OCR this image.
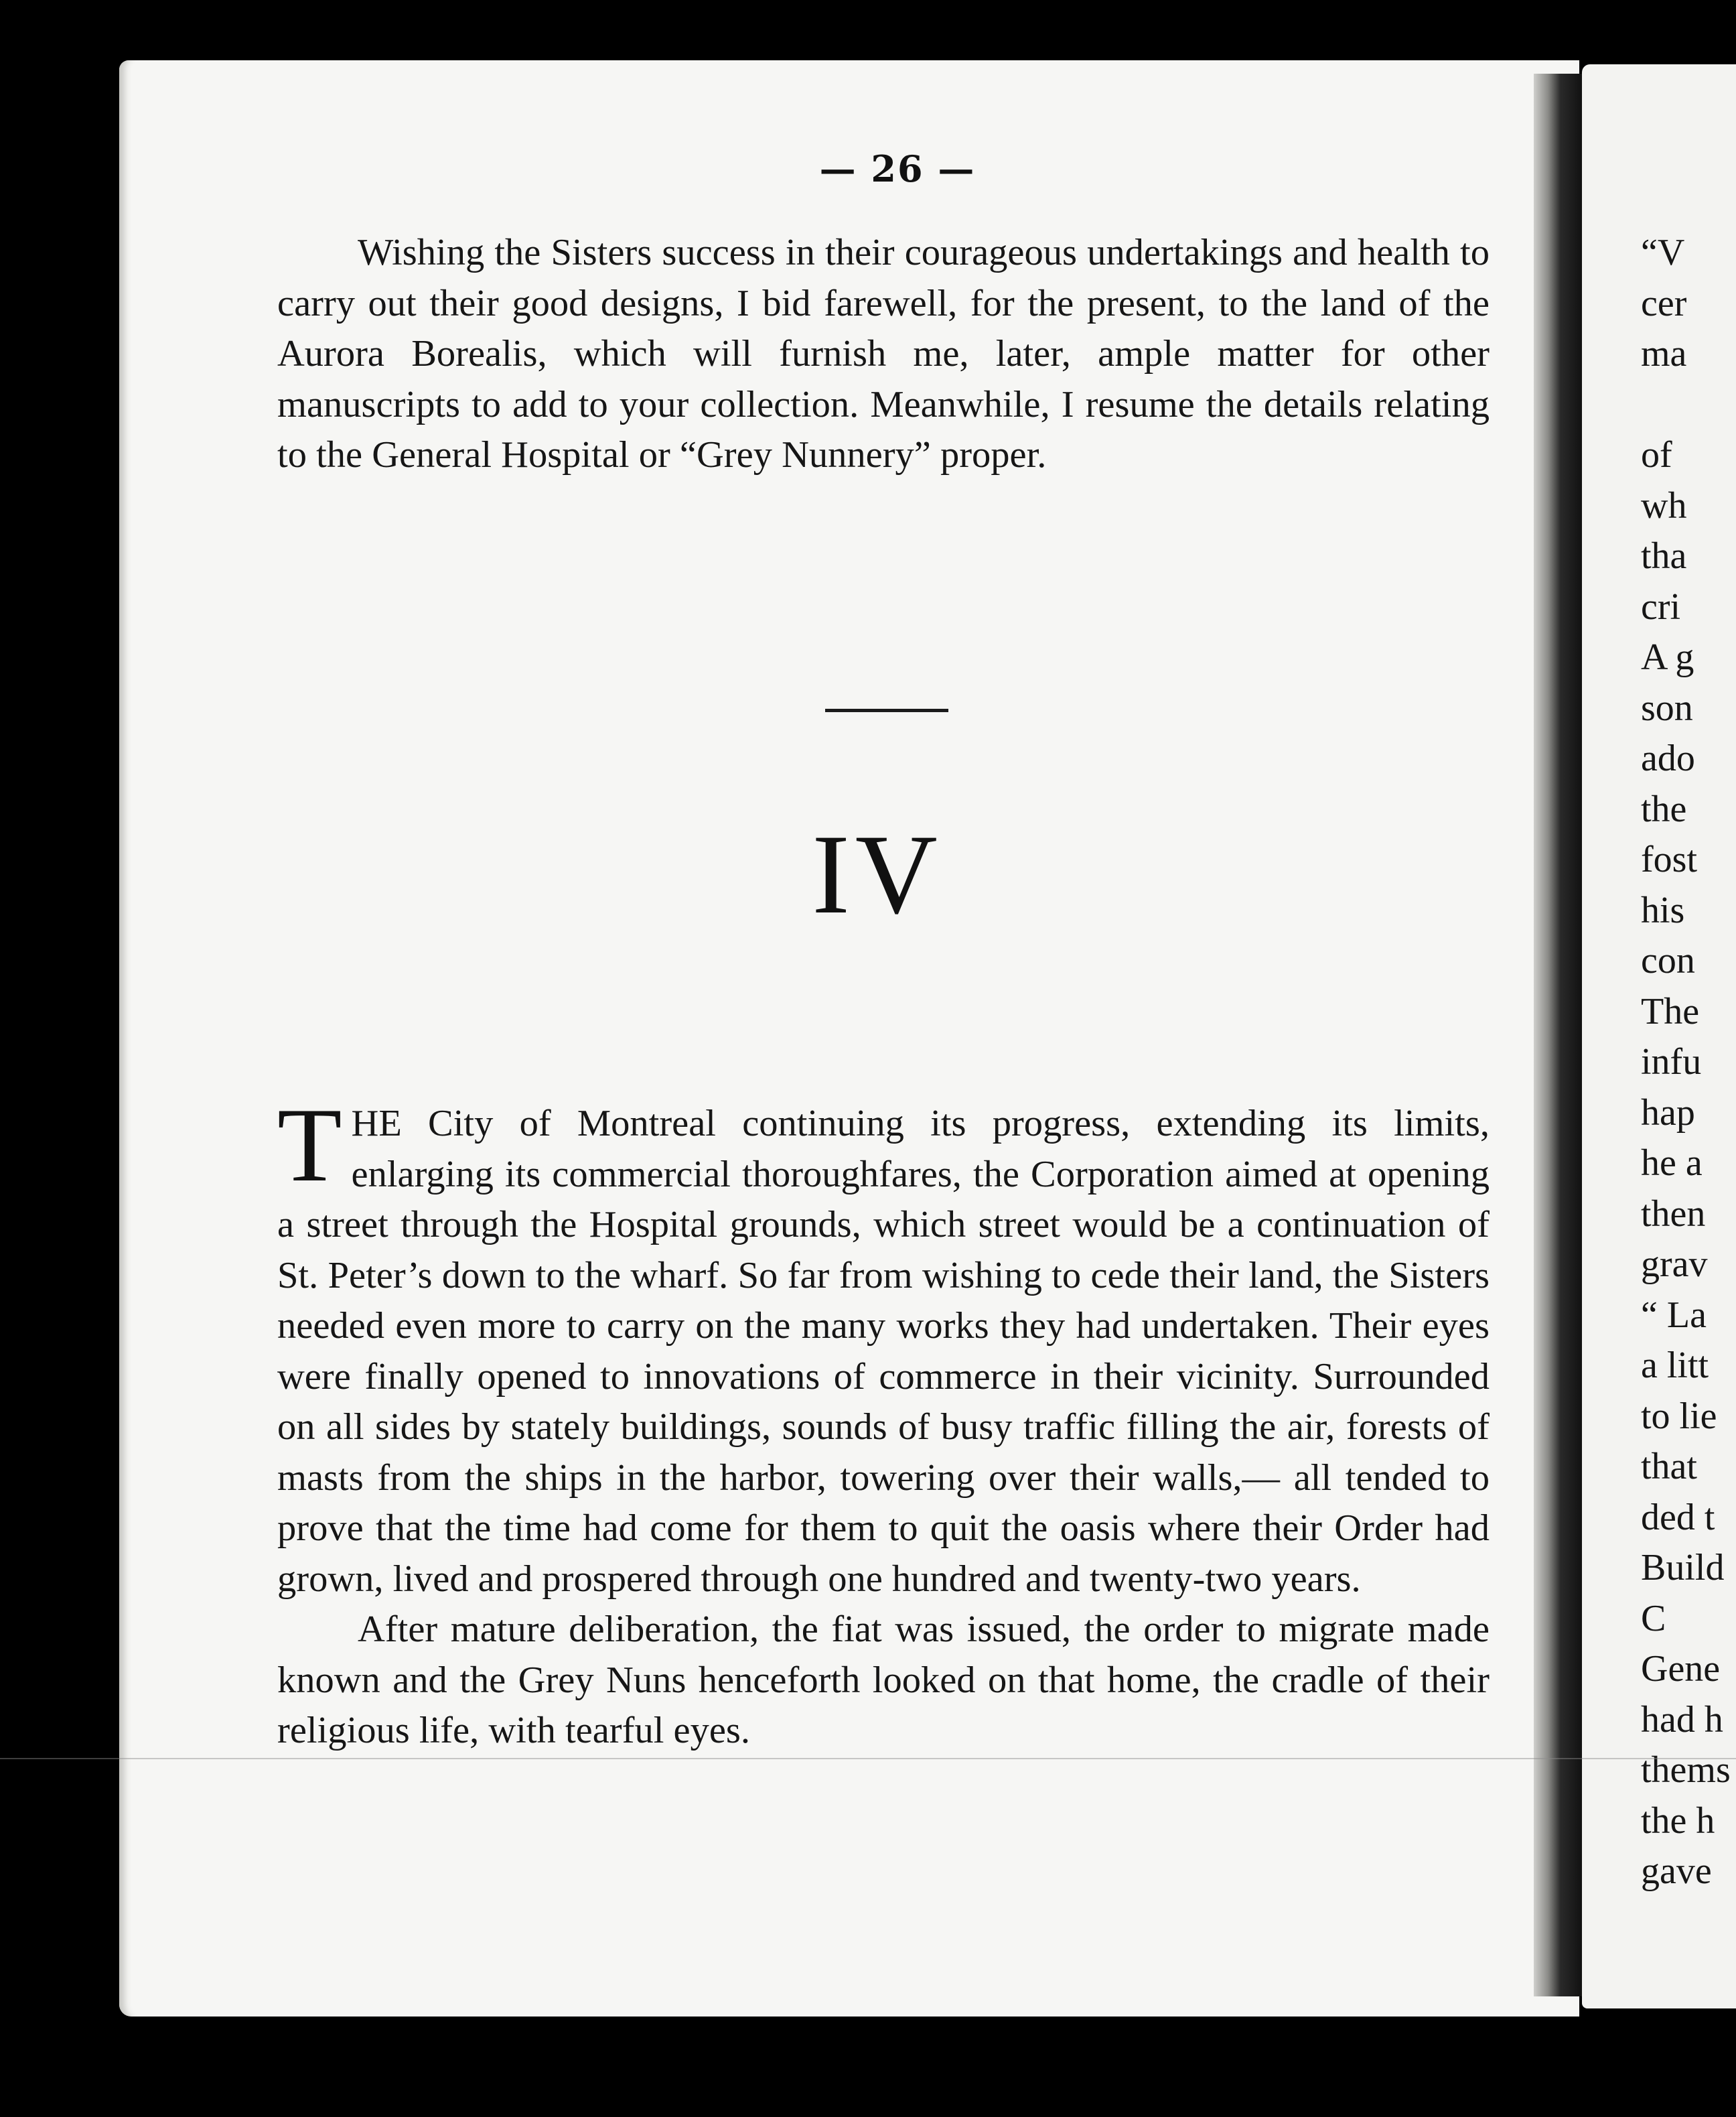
— 26 —

Wishing the Sisters success in their courageous undertakings and health to carry out their good designs, I bid farewell, for the present, to the land of the Aurora Borealis, which will furnish me, later, ample matter for other manuscripts to add to your collection. Meanwhile, I resume the details relating to the General Hospital or “Grey Nunnery” proper.

IV

THE City of Montreal continuing its progress, extending its limits, enlarging its commercial thoroughfares, the Corporation aimed at opening a street through the Hospital grounds, which street would be a continuation of St. Peter’s down to the wharf. So far from wishing to cede their land, the Sisters needed even more to carry on the many works they had undertaken. Their eyes were finally opened to innovations of commerce in their vicinity. Surrounded on all sides by stately buildings, sounds of busy traffic filling the air, forests of masts from the ships in the harbor, towering over their walls,— all tended to prove that the time had come for them to quit the oasis where their Order had grown, lived and prospered through one hundred and twenty-two years.

After mature deliberation, the fiat was issued, the order to migrate made known and the Grey Nuns henceforth looked on that home, the cradle of their religious life, with tearful eyes.

“V
cer
ma
of
wh
tha
cri
A g
son
ado
the
fost
his
con
The
infu
hap
he a
then
grav
“ La
a litt
to lie
that
ded t
Build
C
Gene
had h
thems
the h
gave
